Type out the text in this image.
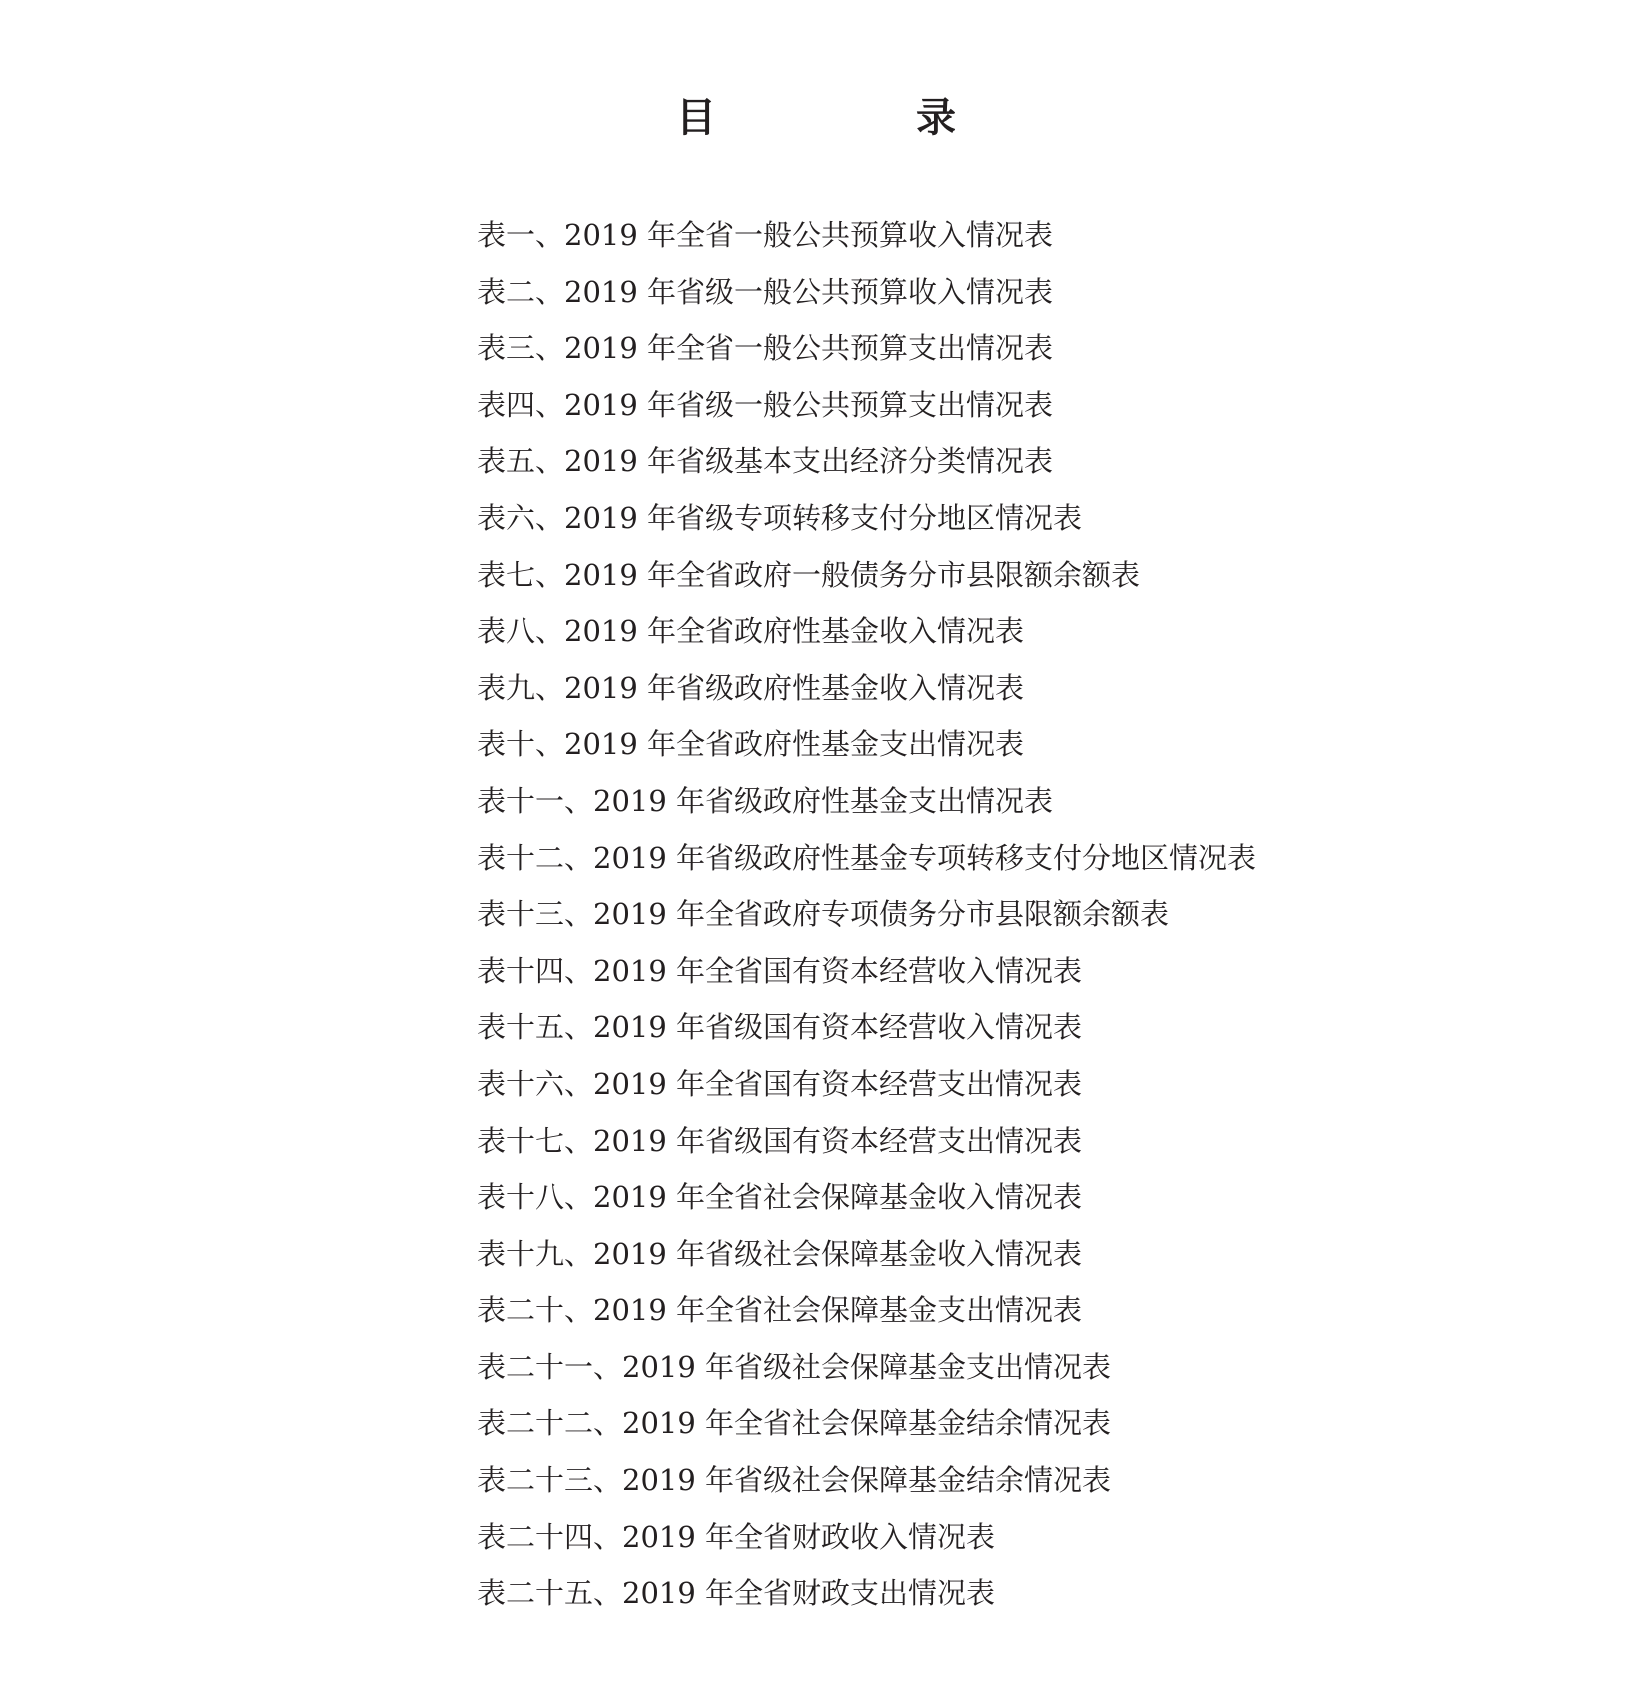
目　录
表一、2019 年全省一般公共预算收入情况表
表二、2019 年省级一般公共预算收入情况表
表三、2019 年全省一般公共预算支出情况表
表四、2019 年省级一般公共预算支出情况表
表五、2019 年省级基本支出经济分类情况表
表六、2019 年省级专项转移支付分地区情况表
表七、2019 年全省政府一般债务分市县限额余额表
表八、2019 年全省政府性基金收入情况表
表九、2019 年省级政府性基金收入情况表
表十、2019 年全省政府性基金支出情况表
表十一、2019 年省级政府性基金支出情况表
表十二、2019 年省级政府性基金专项转移支付分地区情况表
表十三、2019 年全省政府专项债务分市县限额余额表
表十四、2019 年全省国有资本经营收入情况表
表十五、2019 年省级国有资本经营收入情况表
表十六、2019 年全省国有资本经营支出情况表
表十七、2019 年省级国有资本经营支出情况表
表十八、2019 年全省社会保障基金收入情况表
表十九、2019 年省级社会保障基金收入情况表
表二十、2019 年全省社会保障基金支出情况表
表二十一、2019 年省级社会保障基金支出情况表
表二十二、2019 年全省社会保障基金结余情况表
表二十三、2019 年省级社会保障基金结余情况表
表二十四、2019 年全省财政收入情况表
表二十五、2019 年全省财政支出情况表
